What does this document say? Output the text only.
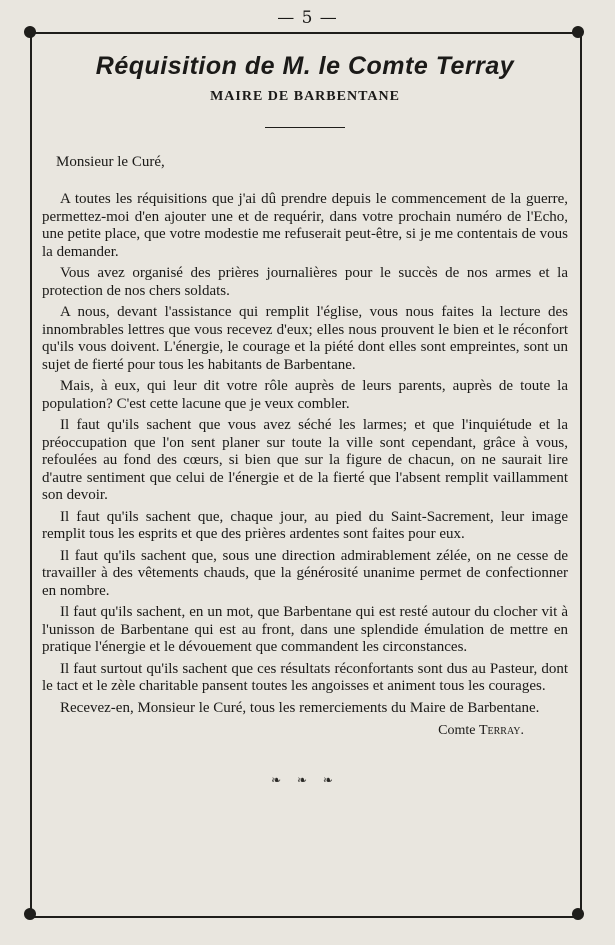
— 5 —
Réquisition de M. le Comte Terray
MAIRE DE BARBENTANE
Monsieur le Curé,

A toutes les réquisitions que j'ai dû prendre depuis le commencement de la guerre, permettez-moi d'en ajouter une et de requérir, dans votre prochain numéro de l'Echo, une petite place, que votre modestie me refuserait peut-être, si je me contentais de vous la demander.

Vous avez organisé des prières journalières pour le succès de nos armes et la protection de nos chers soldats.

A nous, devant l'assistance qui remplit l'église, vous nous faites la lecture des innombrables lettres que vous recevez d'eux; elles nous prouvent le bien et le réconfort qu'ils vous doivent. L'énergie, le courage et la piété dont elles sont empreintes, sont un sujet de fierté pour tous les habitants de Barbentane.

Mais, à eux, qui leur dit votre rôle auprès de leurs parents, auprès de toute la population? C'est cette lacune que je veux combler.

Il faut qu'ils sachent que vous avez séché les larmes; et que l'inquiétude et la préoccupation que l'on sent planer sur toute la ville sont cependant, grâce à vous, refoulées au fond des cœurs, si bien que sur la figure de chacun, on ne saurait lire d'autre sentiment que celui de l'énergie et de la fierté que l'absent remplit vaillamment son devoir.

Il faut qu'ils sachent que, chaque jour, au pied du Saint-Sacrement, leur image remplit tous les esprits et que des prières ardentes sont faites pour eux.

Il faut qu'ils sachent que, sous une direction admirablement zélée, on ne cesse de travailler à des vêtements chauds, que la générosité unanime permet de confectionner en nombre.

Il faut qu'ils sachent, en un mot, que Barbentane qui est resté autour du clocher vit à l'unisson de Barbentane qui est au front, dans une splendide émulation de mettre en pratique l'énergie et le dévouement que commandent les circonstances.

Il faut surtout qu'ils sachent que ces résultats réconfortants sont dus au Pasteur, dont le tact et le zèle charitable pansent toutes les angoisses et animent tous les courages.

Recevez-en, Monsieur le Curé, tous les remerciements du Maire de Barbentane.

Comte Terray.
❧ ❧ ❧
